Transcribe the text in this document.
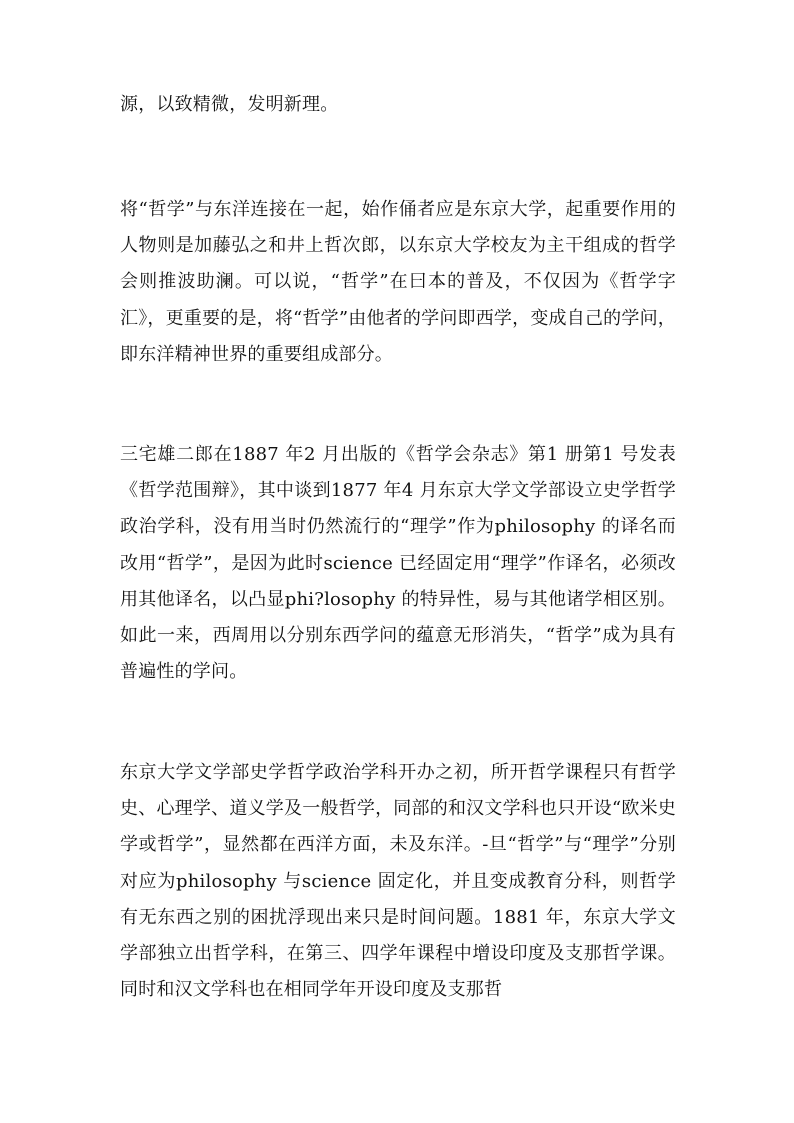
源，以致精微，发明新理。

将“哲学”与东洋连接在一起，始作俑者应是东京大学，起重要作用的人物则是加藤弘之和井上哲次郎，以东京大学校友为主干组成的哲学会则推波助澜。可以说，“哲学”在曰本的普及，不仅因为《哲学字汇》，更重要的是，将“哲学”由他者的学问即西学，变成自己的学问，即东洋精神世界的重要组成部分。

三宅雄二郎在1887 年2 月出版的《哲学会杂志》第1 册第1 号发表《哲学范围辩》，其中谈到1877 年4 月东京大学文学部设立史学哲学政治学科，没有用当时仍然流行的“理学”作为philosophy 的译名而改用“哲学”，是因为此时science 已经固定用“理学”作译名，必须改用其他译名，以凸显phi?losophy 的特异性，易与其他诸学相区别。如此一来，西周用以分别东西学问的蕴意无形消失，“哲学”成为具有普遍性的学问。

东京大学文学部史学哲学政治学科开办之初，所开哲学课程只有哲学史、心理学、道义学及一般哲学，同部的和汉文学科也只开设“欧米史学或哲学”，显然都在西洋方面，未及东洋。-旦“哲学”与“理学”分别对应为philosophy 与science 固定化，并且变成教育分科，则哲学有无东西之别的困扰浮现出来只是时间问题。1881 年，东京大学文学部独立出哲学科，在第三、四学年课程中增设印度及支那哲学课。同时和汉文学科也在相同学年开设印度及支那哲
